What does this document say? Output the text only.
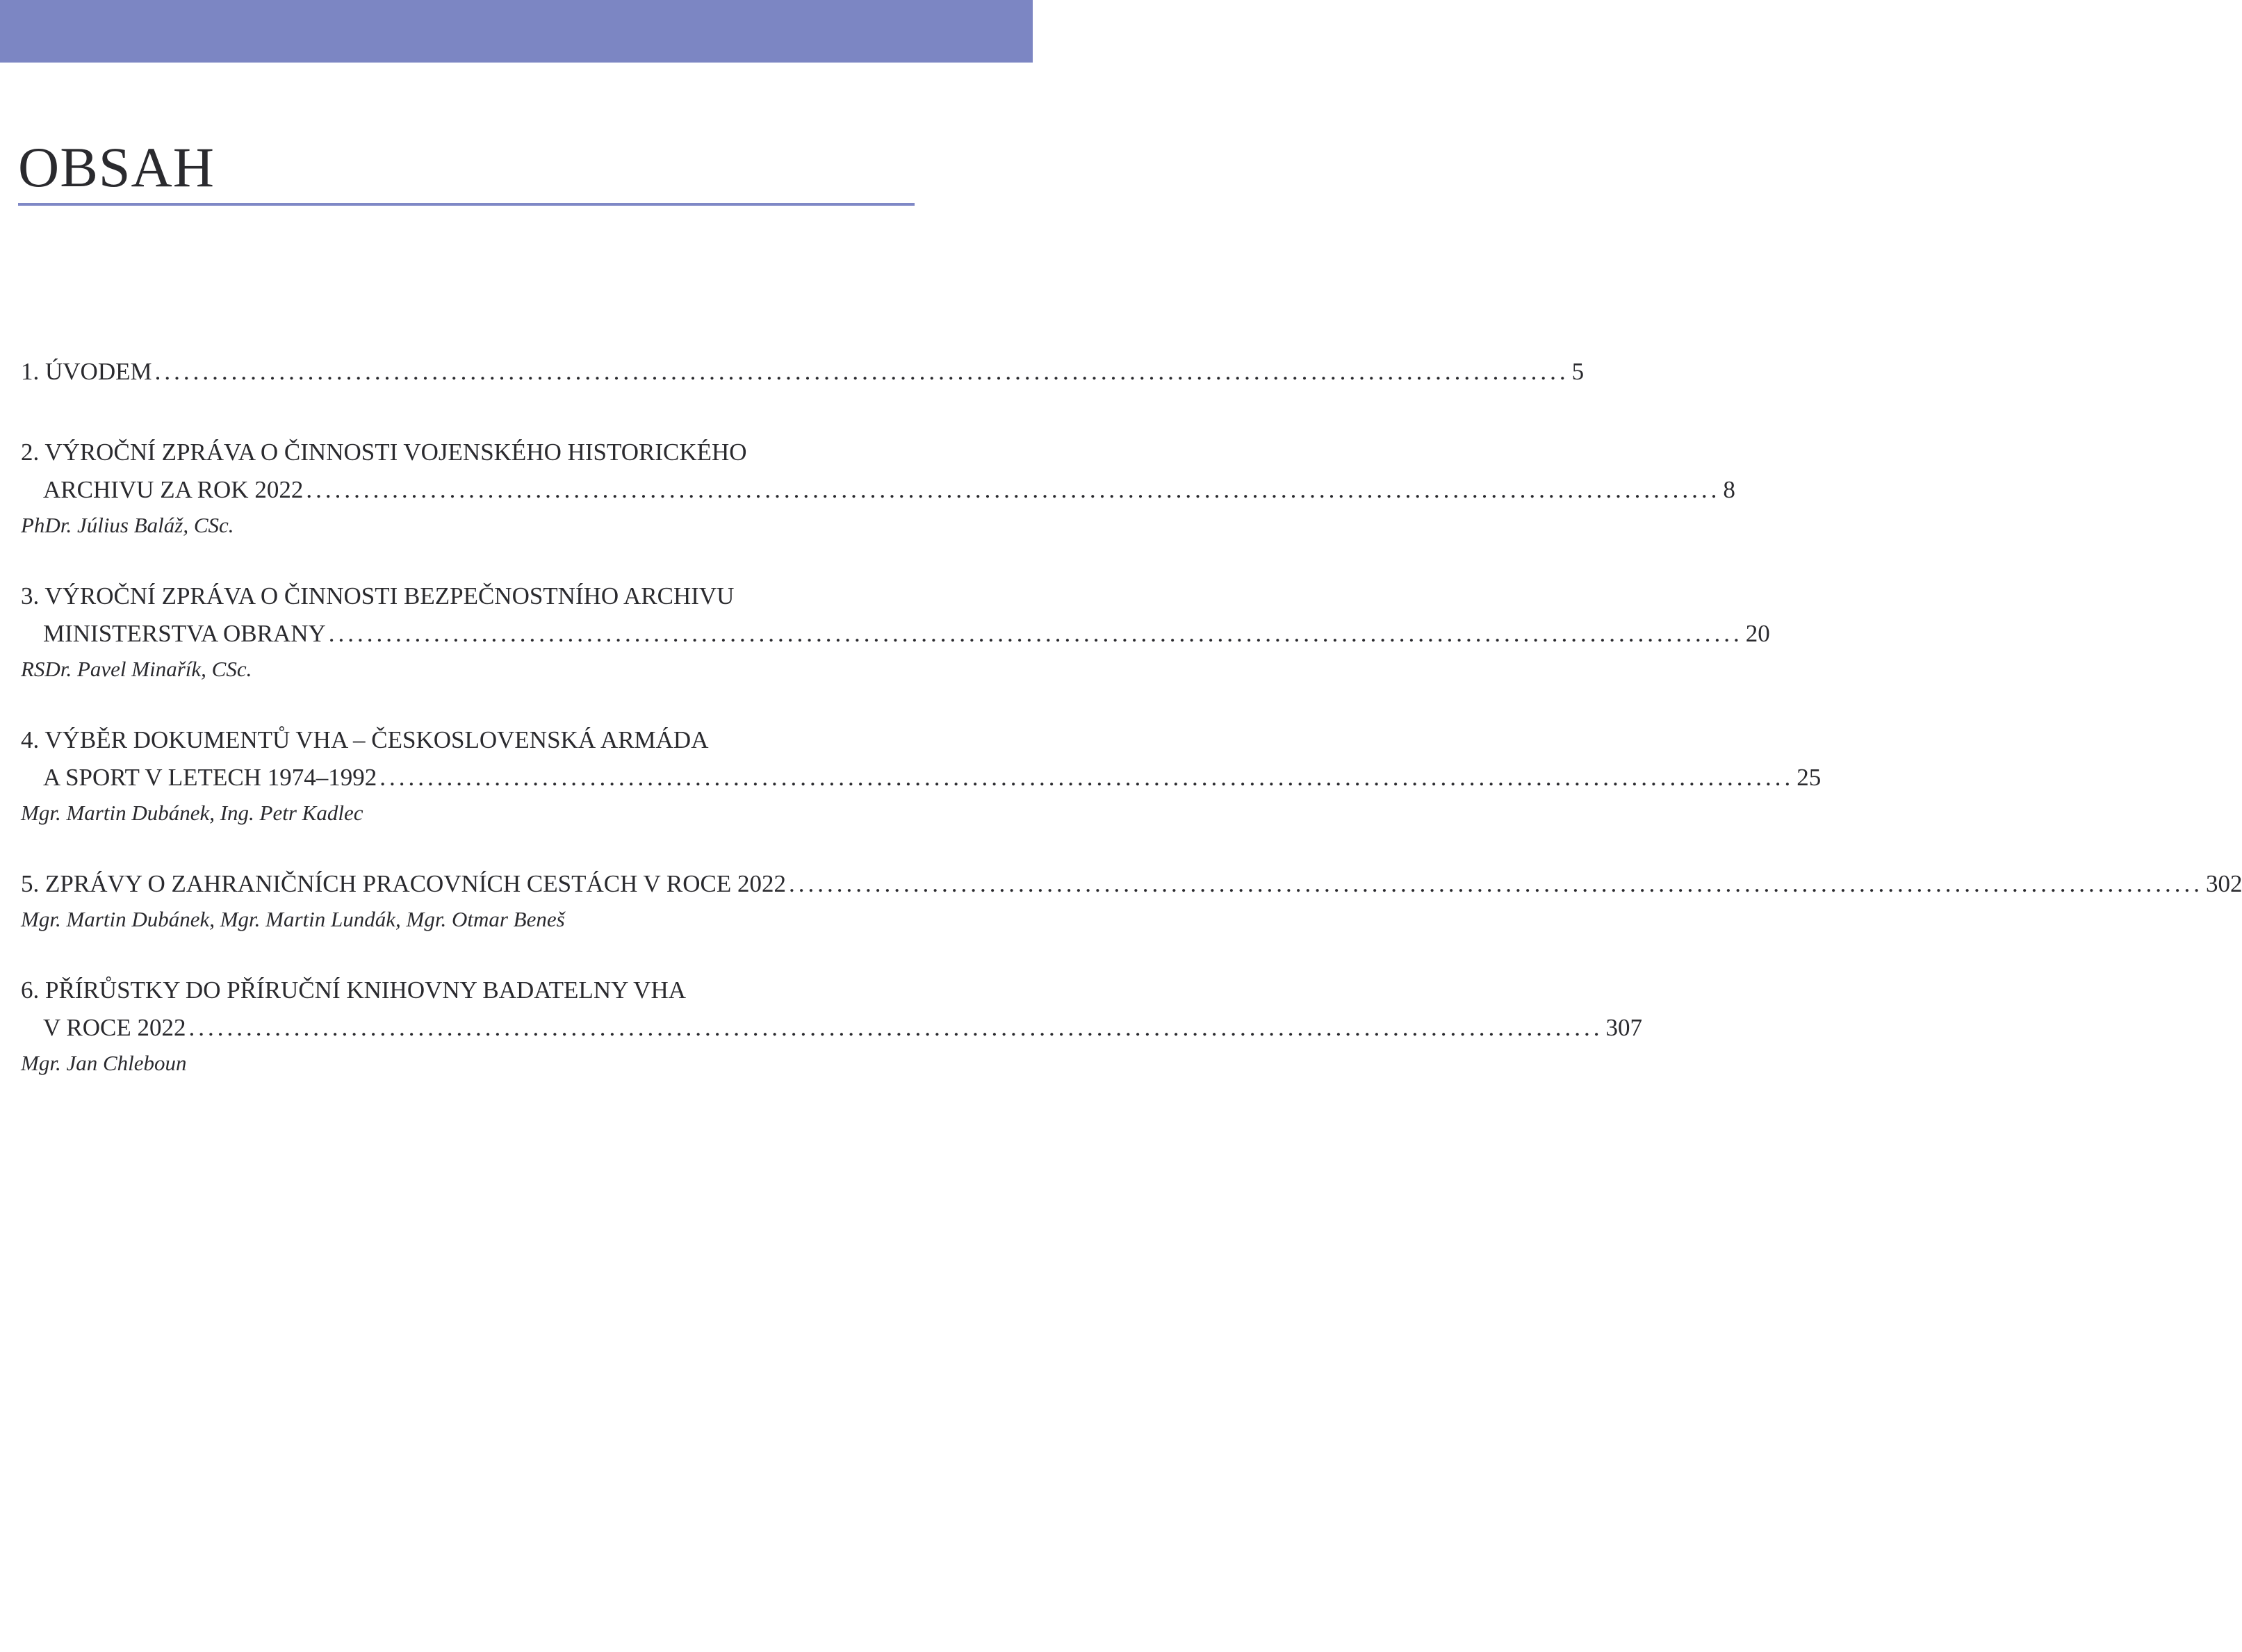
OBSAH
1. ÚVODEM .................................................................................................................................................... 5
2. VÝROČNÍ ZPRÁVA O ČINNOSTI VOJENSKÉHO HISTORICKÉHO
ARCHIVU ZA ROK 2022 .................................................................................................................................................... 8
PhDr. Július Baláž, CSc.
3. VÝROČNÍ ZPRÁVA O ČINNOSTI BEZPEČNOSTNÍHO ARCHIVU
MINISTERSTVA OBRANY .................................................................................................................................................... 20
RSDr. Pavel Minařík, CSc.
4. VÝBĚR DOKUMENTŮ VHA – ČESKOSLOVENSKÁ ARMÁDA
A SPORT V LETECH 1974–1992 .................................................................................................................................................... 25
Mgr. Martin Dubánek, Ing. Petr Kadlec
5. ZPRÁVY O ZAHRANIČNÍCH PRACOVNÍCH CESTÁCH V ROCE 2022 .................................................................................................................................................... 302
Mgr. Martin Dubánek, Mgr. Martin Lundák, Mgr. Otmar Beneš
6. PŘÍRŮSTKY DO PŘÍRUČNÍ KNIHOVNY BADATELNY VHA
V ROCE 2022 .................................................................................................................................................... 307
Mgr. Jan Chleboun
